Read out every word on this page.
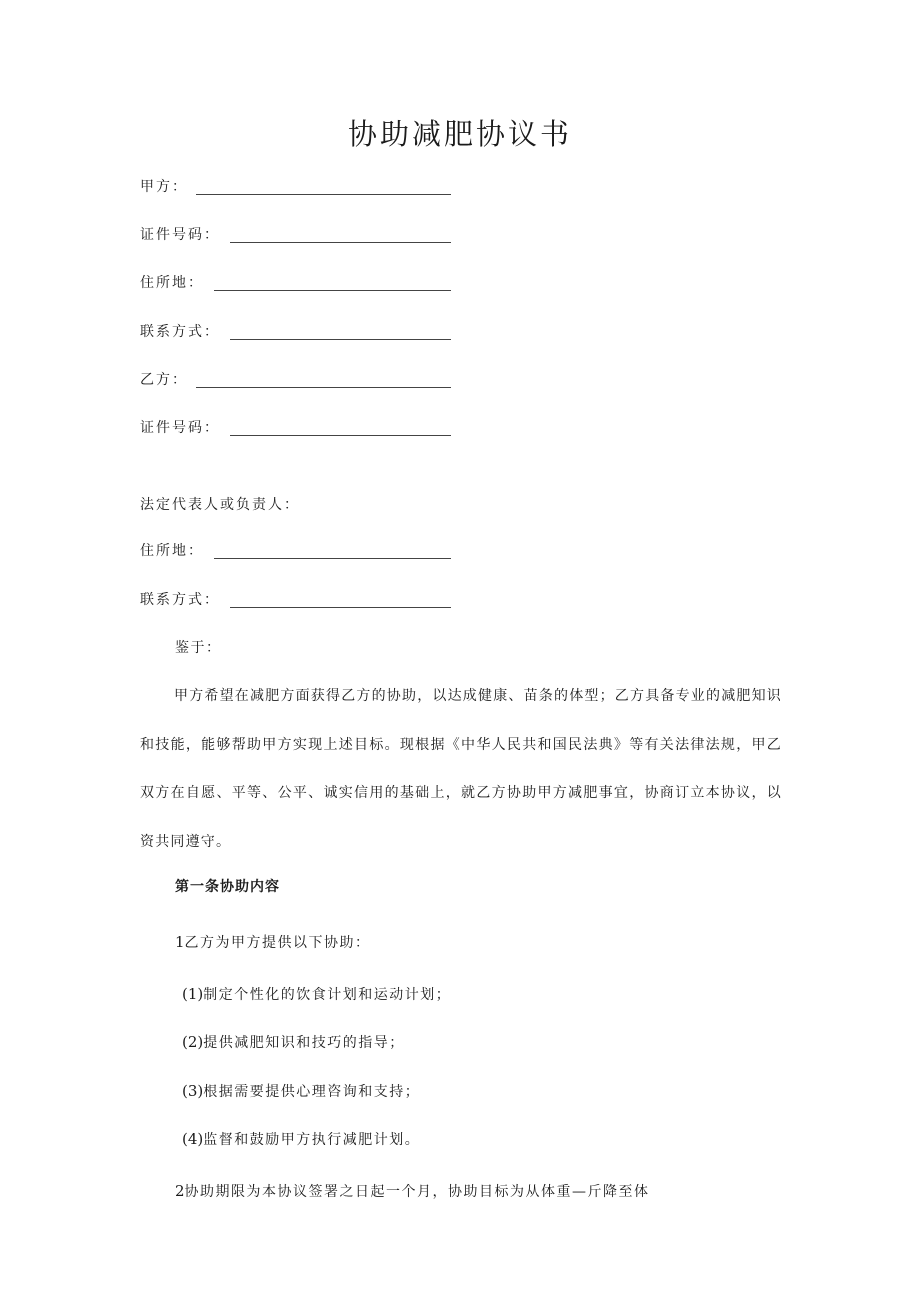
协助减肥协议书
甲方：
证件号码：
住所地：
联系方式：
乙方：
证件号码：
法定代表人或负责人：
住所地：
联系方式：
鉴于：

甲方希望在减肥方面获得乙方的协助，以达成健康、苗条的体型；乙方具备专业的减肥知识和技能，能够帮助甲方实现上述目标。现根据《中华人民共和国民法典》等有关法律法规，甲乙双方在自愿、平等、公平、诚实信用的基础上，就乙方协助甲方减肥事宜，协商订立本协议，以资共同遵守。

第一条协助内容
1乙方为甲方提供以下协助：
(1)制定个性化的饮食计划和运动计划；
(2)提供减肥知识和技巧的指导；
(3)根据需要提供心理咨询和支持；
(4)监督和鼓励甲方执行减肥计划。
2协助期限为本协议签署之日起一个月，协助目标为从体重—斤降至体
